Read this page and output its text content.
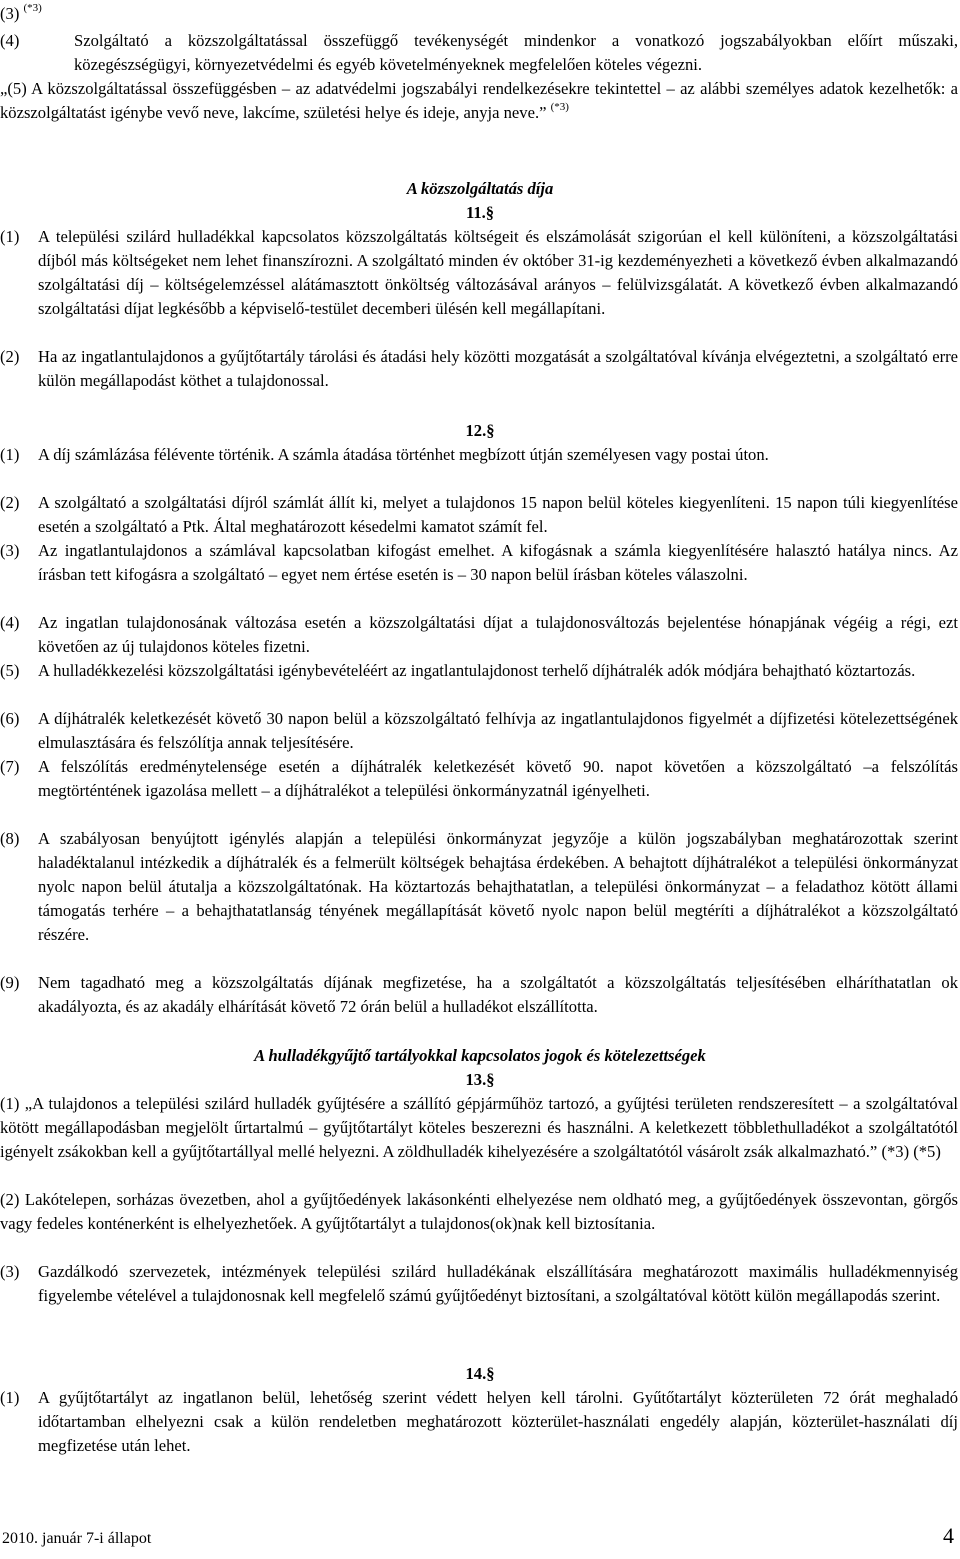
(3) $^{(*3)}$
(4)	Szolgáltató a közszolgáltatással összefüggő tevékenységét mindenkor a vonatkozó jogszabályokban előírt műszaki, közegészségügyi, környezetvédelmi és egyéb követelményeknek megfelelően köteles végezni.
„(5) A közszolgáltatással összefüggésben – az adatvédelmi jogszabályi rendelkezésekre tekintettel – az alábbi személyes adatok kezelhetők: a közszolgáltatást igénybe vevő neve, lakcíme, születési helye és ideje, anyja neve.” $^{(*3)}$
A közszolgáltatás díja
11.§
(1) A települési szilárd hulladékkal kapcsolatos közszolgáltatás költségeit és elszámolását szigorúan el kell különíteni, a közszolgáltatási díjból más költségeket nem lehet finanszírozni. A szolgáltató minden év október 31-ig kezdeményezheti a következő évben alkalmazandó szolgáltatási díj – költségelemzéssel alátámasztott önköltség változásával arányos – felülvizsgálatát. A következő évben alkalmazandó szolgáltatási díjat legkésőbb a képviselő-testület decemberi ülésén kell megállapítani.
(2) Ha az ingatlantulajdonos a gyűjtőtartály tárolási és átadási hely közötti mozgatását a szolgáltatóval kívánja elvégeztetni, a szolgáltató erre külön megállapodást köthet a tulajdonossal.
12.§
(1) A díj számlázása félévente történik. A számla átadása történhet megbízott útján személyesen vagy postai úton.
(2) A szolgáltató a szolgáltatási díjról számlát állít ki, melyet a tulajdonos 15 napon belül köteles kiegyenlíteni. 15 napon túli kiegyenlítése esetén a szolgáltató a Ptk. Által meghatározott késedelmi kamatot számít fel.
(3) Az ingatlantulajdonos a számlával kapcsolatban kifogást emelhet. A kifogásnak a számla kiegyenlítésére halasztó hatálya nincs. Az írásban tett kifogásra a szolgáltató – egyet nem értése esetén is – 30 napon belül írásban köteles válaszolni.
(4) Az ingatlan tulajdonosának változása esetén a közszolgáltatási díjat a tulajdonosváltozás bejelentése hónapjának végéig a régi, ezt követően az új tulajdonos köteles fizetni.
(5) A hulladékkezelési közszolgáltatási igénybevételéért az ingatlantulajdonost terhelő díjhátralék adók módjára behajtható köztartozás.
(6) A díjhátralék keletkezését követő 30 napon belül a közszolgáltató felhívja az ingatlantulajdonos figyelmét a díjfizetési kötelezettségének elmulasztására és felszólítja annak teljesítésére.
(7) A felszólítás eredménytelensége esetén a díjhátralék keletkezését követő 90. napot követően a közszolgáltató –a felszólítás megtörténtének igazolása mellett – a díjhátralékot a települési önkormányzatnál igényelheti.
(8) A szabályosan benyújtott igénylés alapján a települési önkormányzat jegyzője a külön jogszabályban meghatározottak szerint haladéktalanul intézkedik a díjhátralék és a felmerült költségek behajtása érdekében. A behajtott díjhátralékot a települési önkormányzat nyolc napon belül átutalja a közszolgáltatónak. Ha köztartozás behajthatatlan, a települési önkormányzat – a feladathoz kötött állami támogatás terhére – a behajthatatlanság tényének megállapítását követő nyolc napon belül megtéríti a díjhátralékot a közszolgáltató részére.
(9) Nem tagadható meg a közszolgáltatás díjának megfizetése, ha a szolgáltatót a közszolgáltatás teljesítésében elháríthatatlan ok akadályozta, és az akadály elhárítását követő 72 órán belül a hulladékot elszállította.
A hulladékgyűjtő tartályokkal kapcsolatos jogok és kötelezettségek
13.§
(1) „A tulajdonos a települési szilárd hulladék gyűjtésére a szállító gépjárműhöz tartozó, a gyűjtési területen rendszeresített – a szolgáltatóval kötött megállapodásban megjelölt űrtartalmú – gyűjtőtartályt köteles beszerezni és használni. A keletkezett többlethulladékot a szolgáltatótól igényelt zsákokban kell a gyűjtőtartállyal mellé helyezni. A zöldhulladék kihelyezésére a szolgáltatótól vásárolt zsák alkalmazható.” (*3) (*5)
(2) Lakótelepen, sorházas övezetben, ahol a gyűjtőedények lakásonkénti elhelyezése nem oldható meg, a gyűjtőedények összevontan, görgős vagy fedeles konténerként is elhelyezhetőek. A gyűjtőtartályt a tulajdonos(ok)nak kell biztosítania.
(3) Gazdálkodó szervezetek, intézmények települési szilárd hulladékának elszállítására meghatározott maximális hulladékmennyiség figyelembe vételével a tulajdonosnak kell megfelelő számú gyűjtőedényt biztosítani, a szolgáltatóval kötött külön megállapodás szerint.
14.§
(1) A gyűjtőtartályt az ingatlanon belül, lehetőség szerint védett helyen kell tárolni. Gyűtőtartályt közterületen 72 órát meghaladó időtartamban elhelyezni csak a külön rendeletben meghatározott közterület-használati engedély alapján, közterület-használati díj megfizetése után lehet.
2010. január 7-i állapot	4
